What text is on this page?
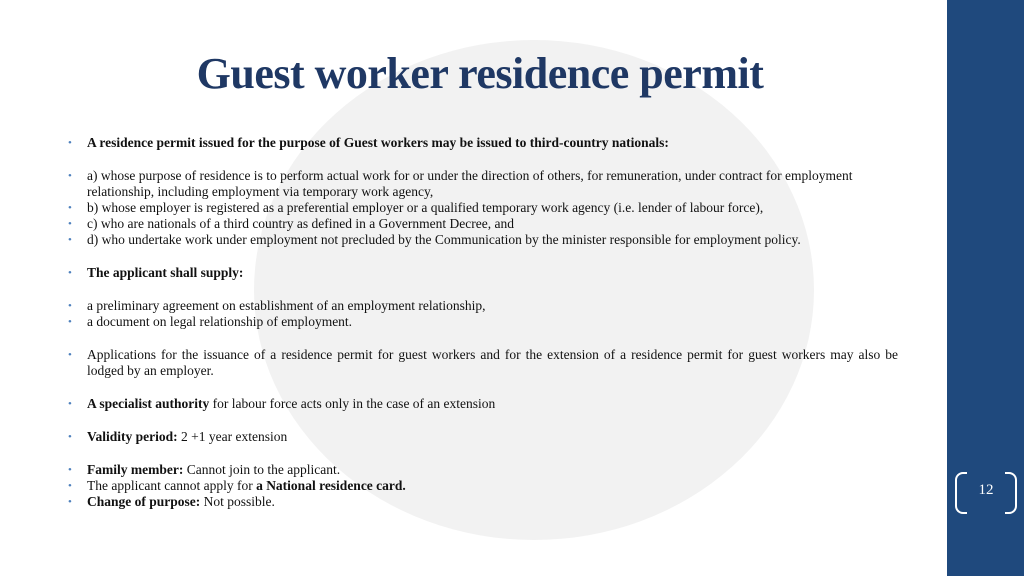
12
Guest worker residence permit
• A residence permit issued for the purpose of Guest workers may be issued to third-country nationals:
• a) whose purpose of residence is to perform actual work for or under the direction of others, for remuneration, under contract for employment relationship, including employment via temporary work agency,
• b) whose employer is registered as a preferential employer or a qualified temporary work agency (i.e. lender of labour force),
• c) who are nationals of a third country as defined in a Government Decree, and
• d) who undertake work under employment not precluded by the Communication by the minister responsible for employment policy.
• The applicant shall supply:
• a preliminary agreement on establishment of an employment relationship,
• a document on legal relationship of employment.
• Applications for the issuance of a residence permit for guest workers and for the extension of a residence permit for guest workers may also be lodged by an employer.
• A specialist authority for labour force acts only in the case of an extension
• Validity period: 2 +1 year extension
• Family member: Cannot join to the applicant.
• The applicant cannot apply for a National residence card.
• Change of purpose: Not possible.
